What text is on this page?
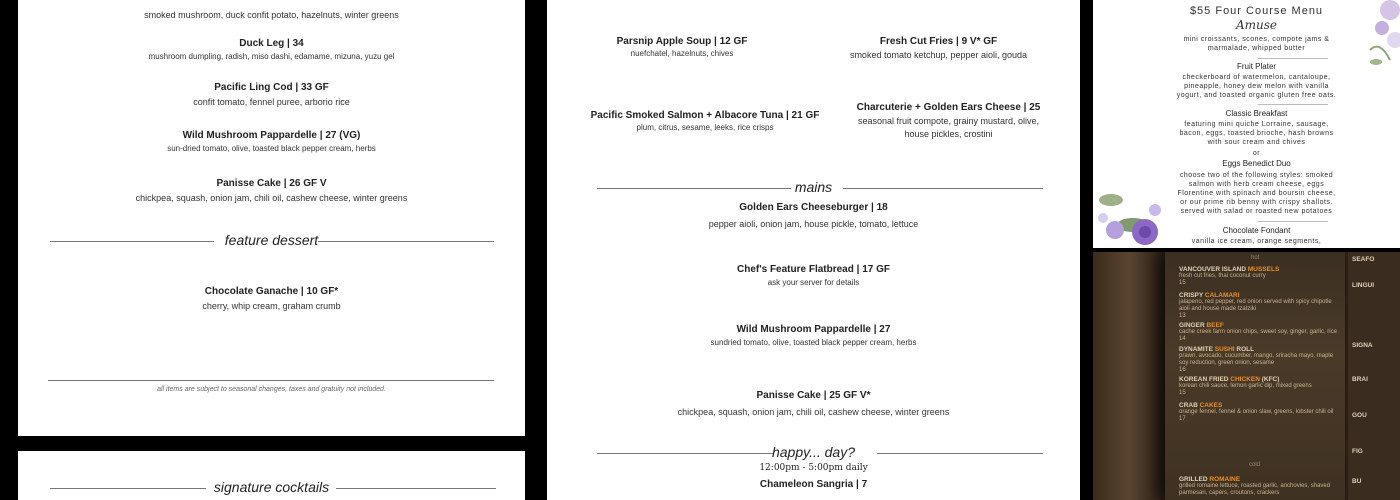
smoked mushroom, duck confit potato, hazelnuts, winter greens
Duck Leg | 34
mushroom dumpling, radish, miso dashi, edamame, mizuna, yuzu gel
Pacific Ling Cod | 33 GF
confit tomato, fennel puree, arborio rice
Wild Mushroom Pappardelle | 27 (VG)
sun-dried tomato, olive, toasted black pepper cream, herbs
Panisse Cake | 26 GF V
chickpea, squash, onion jam, chili oil, cashew cheese, winter greens
feature dessert
Chocolate Ganache | 10 GF*
cherry, whip cream, graham crumb
all items are subject to seasonal changes, taxes and gratuity not included.
signature cocktails
Parsnip Apple Soup | 12 GF
nuefchatel, hazelnuts, chives
Fresh Cut Fries | 9 V* GF
smoked tomato ketchup, pepper aioli, gouda
Pacific Smoked Salmon + Albacore Tuna | 21 GF
plum, citrus, sesame, leeks, rice crisps
Charcuterie + Golden Ears Cheese | 25
seasonal fruit compote, grainy mustard, olive,
house pickles, crostini
mains
Golden Ears Cheeseburger | 18
pepper aioli, onion jam, house pickle, tomato, lettuce
Chef's Feature Flatbread | 17 GF
ask your server for details
Wild Mushroom Pappardelle | 27
sundried tomato, olive, toasted black pepper cream, herbs
Panisse Cake | 25 GF V*
chickpea, squash, onion jam, chili oil, cashew cheese, winter greens
happy... day?
12:00pm - 5:00pm daily
Chameleon Sangria | 7
$55 Four Course Menu
Amuse
mini croissants, scones, compote jams &
marmalade, whipped butter
Fruit Plater
checkerboard of watermelon, cantaloupe,
pineapple, honey dew melon with vanilla
yogurt, and toasted organic gluten free oats.
Classic Breakfast
featuring mini quiche Lorraine, sausage,
bacon, eggs, toasted brioche, hash browns
with sour cream and chives
or
Eggs Benedict Duo
choose two of the following styles: smoked
salmon with herb cream cheese, eggs
Florentine with spinach and boursin cheese,
or our prime rib benny with crispy shallots.
served with salad or roasted new potatoes
Chocolate Fondant
vanilla ice cream, orange segments,
hot
VANCOUVER ISLAND MUSSELS
fresh cut fries, thai coconut curry
15
CRISPY CALAMARI
jalapeno, red pepper, red onion served with spicy chipotle aioli and house made tzatziki
13
GINGER BEEF
cache creek farm onion chips, sweet soy, ginger, garlic, rice
14
DYNAMITE SUSHI ROLL
prawn, avocado, cucumber, mango, sriracha mayo, maple soy reduction, green onion, sesame
16
KOREAN FRIED CHICKEN (KFC)
korean chili sauce, lemon garlic dip, mixed greens
15
CRAB CAKES
orange fennel, fennel & onion slaw, greens, lobster chili oil
17
cold
GRILLED ROMAINE
grilled romaine lettuce, roasted garlic, anchovies, shaved parmesan, capers, croutons, crackers
SEAFO
LINGUI
SIGNA
BRAI
GOU
FIG
BU
